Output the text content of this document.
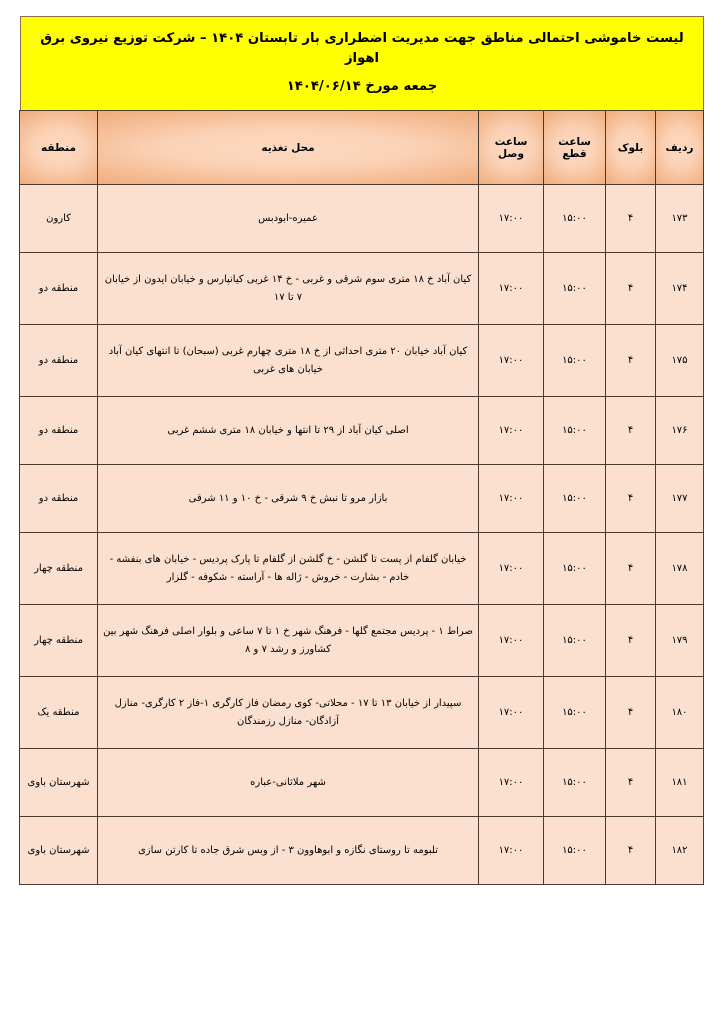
لیست خاموشی احتمالی مناطق جهت مدیریت اضطراری بار تابستان ۱۴۰۴ – شرکت توزیع نیروی برق اهواز
جمعه مورخ ۱۴۰۴/۰۶/۱۴
ردیف	بلوک	ساعت قطع	ساعت وصل	محل تغذیه	منطقه
۱۷۳	۴	۱۵:۰۰	۱۷:۰۰	عمیره-ابودبس	کارون
۱۷۴	۴	۱۵:۰۰	۱۷:۰۰	کیان آباد خ ۱۸ متری سوم شرقی و غربی - خ ۱۴ غربی کیانپارس و خیابان ایدون از خیابان ۷ تا ۱۷	منطقه دو
۱۷۵	۴	۱۵:۰۰	۱۷:۰۰	کیان آباد خیابان ۲۰ متری احداثی از خ ۱۸ متری چهارم غربی (سبحان) تا انتهای کیان آباد خیابان های غربی	منطقه دو
۱۷۶	۴	۱۵:۰۰	۱۷:۰۰	اصلی کیان آباد از ۲۹ تا انتها و خیابان ۱۸ متری ششم غربی	منطقه دو
۱۷۷	۴	۱۵:۰۰	۱۷:۰۰	بازار مرو تا نبش خ ۹ شرقی - خ ۱۰ و ۱۱ شرقی	منطقه دو
۱۷۸	۴	۱۵:۰۰	۱۷:۰۰	خیابان گلفام از پست تا گلشن - خ گلشن از گلفام تا پارک پردیس - خیابان های بنفشه - خادم - بشارت - خروش - ژاله ها - آراسته - شکوفه - گلزار	منطقه چهار
۱۷۹	۴	۱۵:۰۰	۱۷:۰۰	صراط ۱ - پردیس مجتمع گلها - فرهنگ شهر خ ۱ تا ۷ ساعی و بلوار اصلی فرهنگ شهر بین کشاورز و رشد ۷ و ۸	منطقه چهار
۱۸۰	۴	۱۵:۰۰	۱۷:۰۰	سپیدار از خیابان ۱۳ تا ۱۷ - محلاتی- کوی رمضان فاز کارگری ۱-فاز ۲ کارگری- منازل آزادگان- منازل رزمندگان	منطقه یک
۱۸۱	۴	۱۵:۰۰	۱۷:۰۰	شهر ملاثانی-عباره	شهرستان باوی
۱۸۲	۴	۱۵:۰۰	۱۷:۰۰	تلبومه تا روستای نگازه و ابوهاوون ۳ - از وبس شرق جاده تا کارتن سازی	شهرستان باوی
